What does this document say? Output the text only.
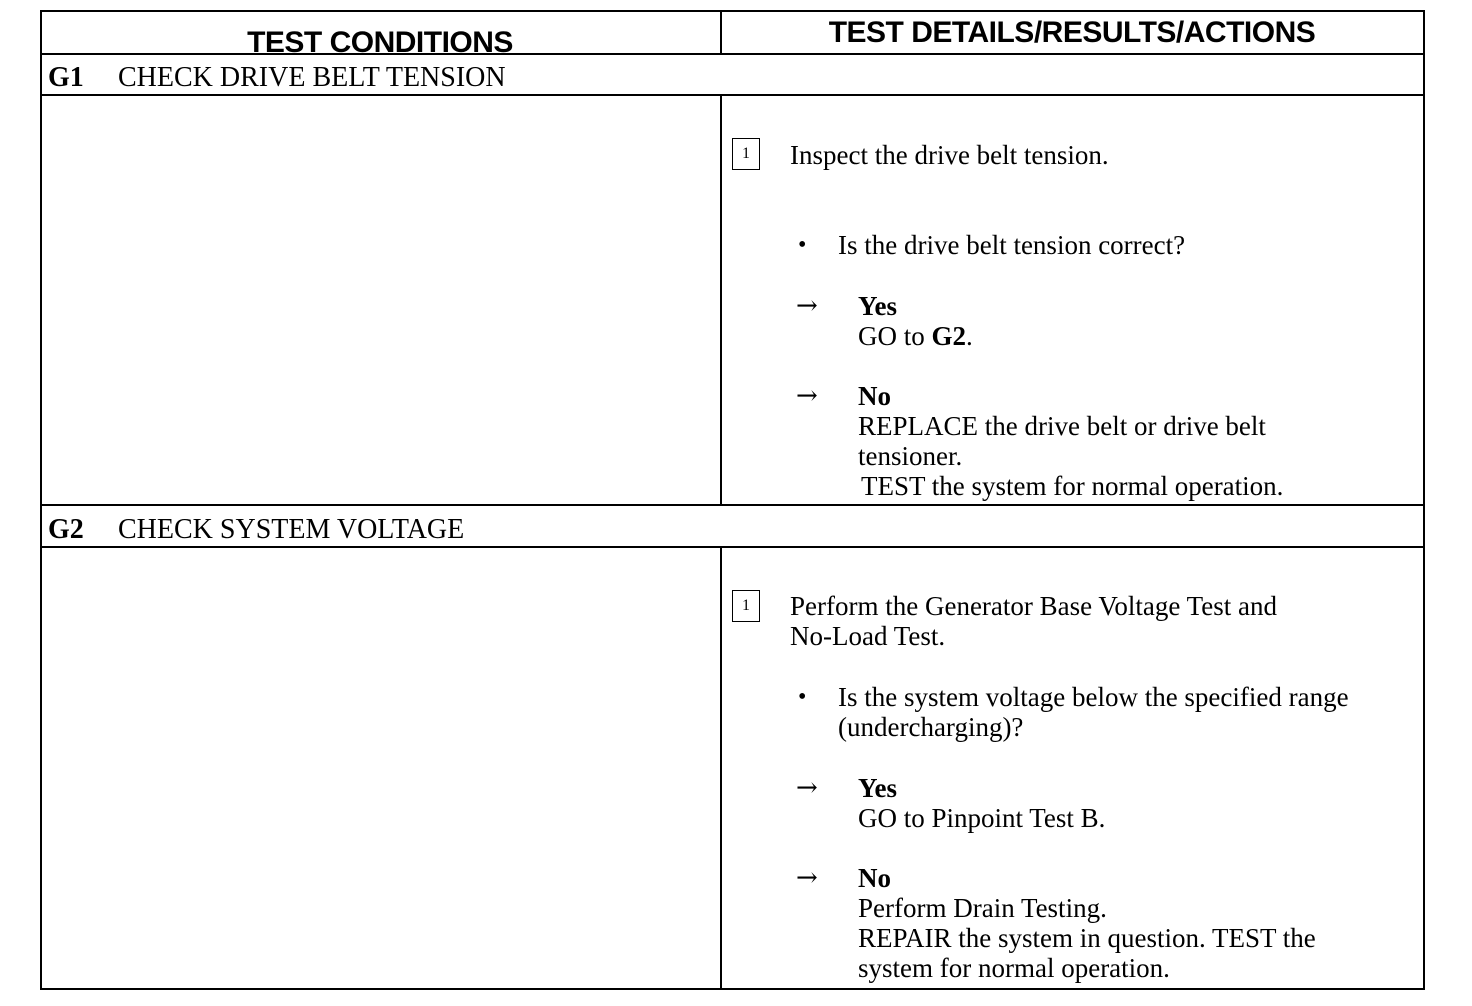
TEST CONDITIONS	TEST DETAILS/RESULTS/ACTIONS
G1 CHECK DRIVE BELT TENSION
1	Inspect the drive belt tension.
• Is the drive belt tension correct?
→ Yes
GO to G2.
→ No
REPLACE the drive belt or drive belt
tensioner.
TEST the system for normal operation.
G2 CHECK SYSTEM VOLTAGE
1	Perform the Generator Base Voltage Test and
No-Load Test.
• Is the system voltage below the specified range
(undercharging)?
→ Yes
GO to Pinpoint Test B.
→ No
Perform Drain Testing.
REPAIR the system in question. TEST the
system for normal operation.
